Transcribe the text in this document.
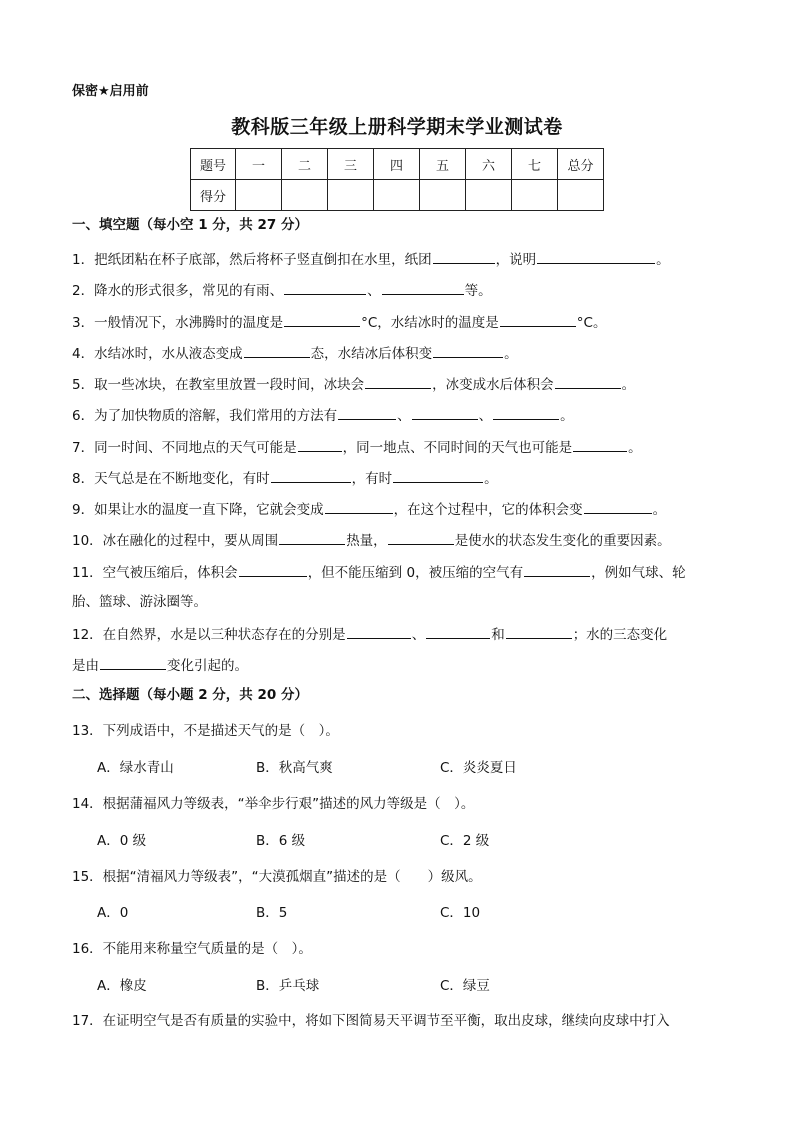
保密★启用前
教科版三年级上册科学期末学业测试卷
题号	一	二	三	四	五	六	七	总分
得分								
一、填空题（每小空 1 分，共 27 分）
1．把纸团粘在杯子底部，然后将杯子竖直倒扣在水里，纸团	，说明	。
2．降水的形式很多，常见的有雨、	、	等。
3．一般情况下，水沸腾时的温度是	°C，水结冰时的温度是	°C。
4．水结冰时，水从液态变成	态，水结冰后体积变	。
5．取一些冰块，在教室里放置一段时间，冰块会	，冰变成水后体积会	。
6．为了加快物质的溶解，我们常用的方法有	、	、	。
7．同一时间、不同地点的天气可能是	，同一地点、不同时间的天气也可能是	。
8．天气总是在不断地变化，有时	，有时	。
9．如果让水的温度一直下降，它就会变成	，在这个过程中，它的体积会变	。
10．冰在融化的过程中，要从周围	热量，	是使水的状态发生变化的重要因素。
11．空气被压缩后，体积会	，但不能压缩到 0，被压缩的空气有	，例如气球、轮
胎、篮球、游泳圈等。
12．在自然界，水是以三种状态存在的分别是	、	和	；水的三态变化
是由	变化引起的。
二、选择题（每小题 2 分，共 20 分）
13．下列成语中，不是描述天气的是（　）。
A．绿水青山	B．秋高气爽	C．炎炎夏日
14．根据蒲福风力等级表，“举伞步行艰”描述的风力等级是（　）。
A．0 级	B．6 级	C．2 级
15．根据“清福风力等级表”，“大漠孤烟直”描述的是（　　）级风。
A．0	B．5	C．10
16．不能用来称量空气质量的是（　）。
A．橡皮	B．乒乓球	C．绿豆
17．在证明空气是否有质量的实验中，将如下图简易天平调节至平衡，取出皮球，继续向皮球中打入
